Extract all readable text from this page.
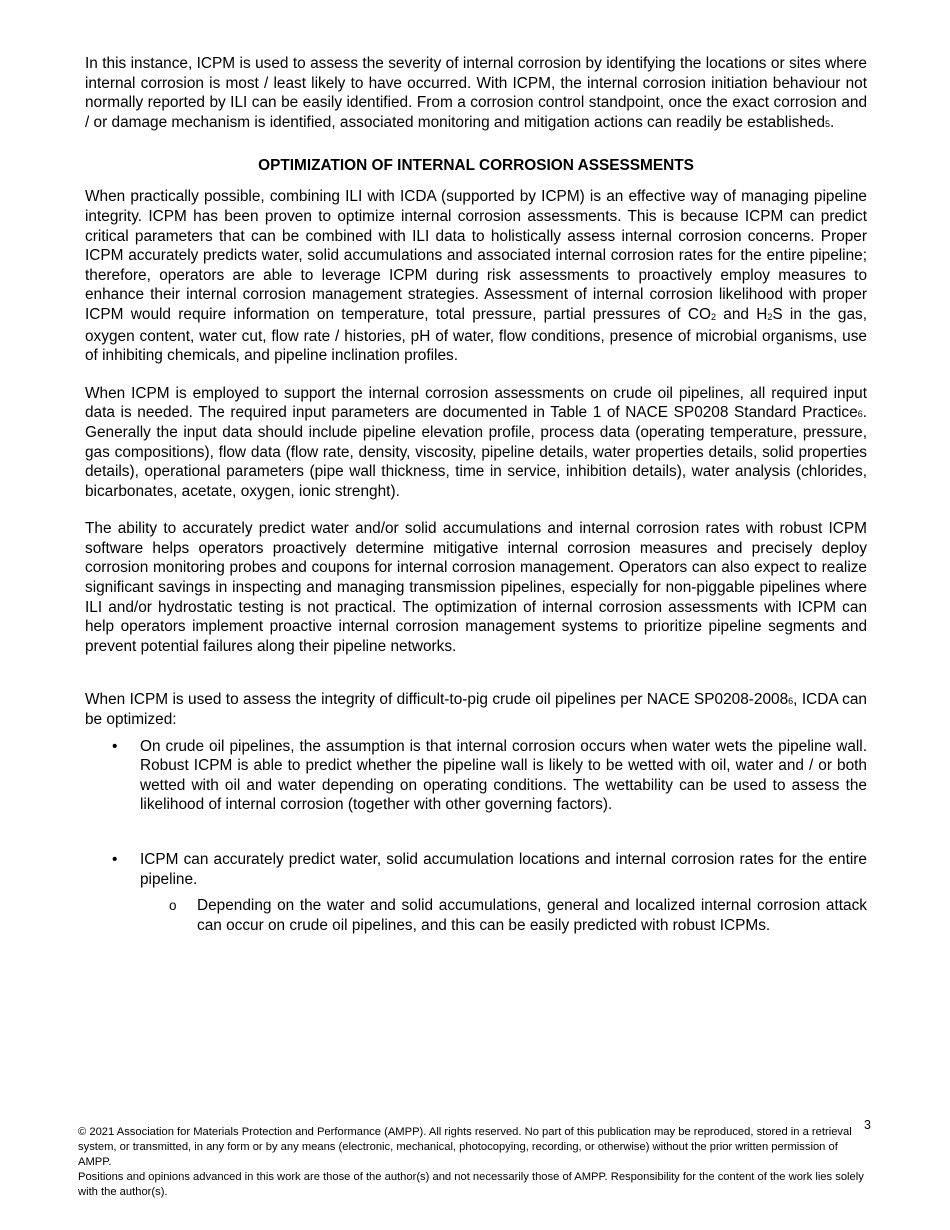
In this instance, ICPM is used to assess the severity of internal corrosion by identifying the locations or sites where internal corrosion is most / least likely to have occurred. With ICPM, the internal corrosion initiation behaviour not normally reported by ILI can be easily identified. From a corrosion control standpoint, once the exact corrosion and / or damage mechanism is identified, associated monitoring and mitigation actions can readily be established$^5$.

OPTIMIZATION OF INTERNAL CORROSION ASSESSMENTS

When practically possible, combining ILI with ICDA (supported by ICPM) is an effective way of managing pipeline integrity. ICPM has been proven to optimize internal corrosion assessments. This is because ICPM can predict critical parameters that can be combined with ILI data to holistically assess internal corrosion concerns. Proper ICPM accurately predicts water, solid accumulations and associated internal corrosion rates for the entire pipeline; therefore, operators are able to leverage ICPM during risk assessments to proactively employ measures to enhance their internal corrosion management strategies. Assessment of internal corrosion likelihood with proper ICPM would require information on temperature, total pressure, partial pressures of $CO_2$ and $H_2S$ in the gas, oxygen content, water cut, flow rate / histories, pH of water, flow conditions, presence of microbial organisms, use of inhibiting chemicals, and pipeline inclination profiles.

When ICPM is employed to support the internal corrosion assessments on crude oil pipelines, all required input data is needed. The required input parameters are documented in Table 1 of NACE SP0208 Standard Practice$^6$. Generally the input data should include pipeline elevation profile, process data (operating temperature, pressure, gas compositions), flow data (flow rate, density, viscosity, pipeline details, water properties details, solid properties details), operational parameters (pipe wall thickness, time in service, inhibition details), water analysis (chlorides, bicarbonates, acetate, oxygen, ionic strenght).

The ability to accurately predict water and/or solid accumulations and internal corrosion rates with robust ICPM software helps operators proactively determine mitigative internal corrosion measures and precisely deploy corrosion monitoring probes and coupons for internal corrosion management. Operators can also expect to realize significant savings in inspecting and managing transmission pipelines, especially for non-piggable pipelines where ILI and/or hydrostatic testing is not practical. The optimization of internal corrosion assessments with ICPM can help operators implement proactive internal corrosion management systems to prioritize pipeline segments and prevent potential failures along their pipeline networks.

When ICPM is used to assess the integrity of difficult-to-pig crude oil pipelines per NACE SP0208-2008$^6$, ICDA can be optimized:

• On crude oil pipelines, the assumption is that internal corrosion occurs when water wets the pipeline wall. Robust ICPM is able to predict whether the pipeline wall is likely to be wetted with oil, water and / or both wetted with oil and water depending on operating conditions. The wettability can be used to assess the likelihood of internal corrosion (together with other governing factors).

• ICPM can accurately predict water, solid accumulation locations and internal corrosion rates for the entire pipeline.

o Depending on the water and solid accumulations, general and localized internal corrosion attack can occur on crude oil pipelines, and this can be easily predicted with robust ICPMs.

3

© 2021 Association for Materials Protection and Performance (AMPP). All rights reserved. No part of this publication may be reproduced, stored in a retrieval system, or transmitted, in any form or by any means (electronic, mechanical, photocopying, recording, or otherwise) without the prior written permission of AMPP.

Positions and opinions advanced in this work are those of the author(s) and not necessarily those of AMPP. Responsibility for the content of the work lies solely with the author(s).
